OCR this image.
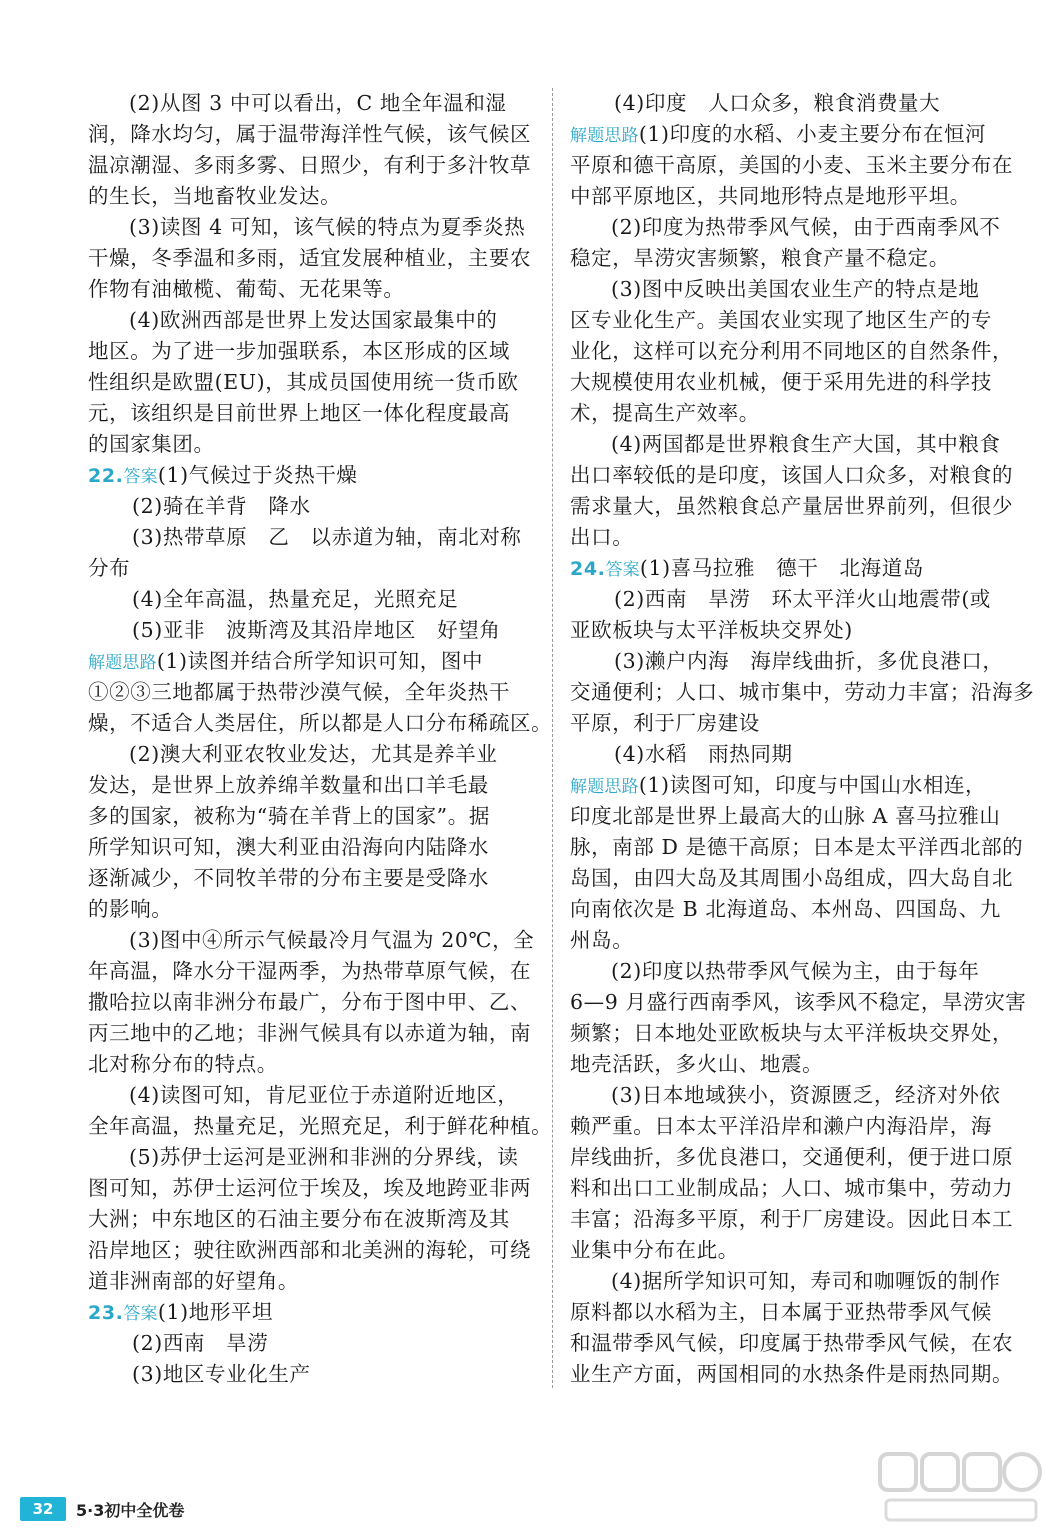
(2)从图 3 中可以看出，C 地全年温和湿
润，降水均匀，属于温带海洋性气候，该气候区
温凉潮湿、多雨多雾、日照少，有利于多汁牧草
的生长，当地畜牧业发达。
(3)读图 4 可知，该气候的特点为夏季炎热
干燥，冬季温和多雨，适宜发展种植业，主要农
作物有油橄榄、葡萄、无花果等。
(4)欧洲西部是世界上发达国家最集中的
地区。为了进一步加强联系，本区形成的区域
性组织是欧盟(EU)，其成员国使用统一货币欧
元，该组织是目前世界上地区一体化程度最高
的国家集团。
22.答案(1)气候过于炎热干燥
(2)骑在羊背　降水
(3)热带草原　乙　以赤道为轴，南北对称
分布
(4)全年高温，热量充足，光照充足
(5)亚非　波斯湾及其沿岸地区　好望角
解题思路(1)读图并结合所学知识可知，图中
①②③三地都属于热带沙漠气候，全年炎热干
燥，不适合人类居住，所以都是人口分布稀疏区。
(2)澳大利亚农牧业发达，尤其是养羊业
发达，是世界上放养绵羊数量和出口羊毛最
多的国家，被称为“骑在羊背上的国家”。据
所学知识可知，澳大利亚由沿海向内陆降水
逐渐减少，不同牧羊带的分布主要是受降水
的影响。
(3)图中④所示气候最冷月气温为 20℃，全
年高温，降水分干湿两季，为热带草原气候，在
撒哈拉以南非洲分布最广，分布于图中甲、乙、
丙三地中的乙地；非洲气候具有以赤道为轴，南
北对称分布的特点。
(4)读图可知，肯尼亚位于赤道附近地区，
全年高温，热量充足，光照充足，利于鲜花种植。
(5)苏伊士运河是亚洲和非洲的分界线，读
图可知，苏伊士运河位于埃及，埃及地跨亚非两
大洲；中东地区的石油主要分布在波斯湾及其
沿岸地区；驶往欧洲西部和北美洲的海轮，可绕
道非洲南部的好望角。
23.答案(1)地形平坦
(2)西南　旱涝
(3)地区专业化生产
(4)印度　人口众多，粮食消费量大
解题思路(1)印度的水稻、小麦主要分布在恒河
平原和德干高原，美国的小麦、玉米主要分布在
中部平原地区，共同地形特点是地形平坦。
(2)印度为热带季风气候，由于西南季风不
稳定，旱涝灾害频繁，粮食产量不稳定。
(3)图中反映出美国农业生产的特点是地
区专业化生产。美国农业实现了地区生产的专
业化，这样可以充分利用不同地区的自然条件，
大规模使用农业机械，便于采用先进的科学技
术，提高生产效率。
(4)两国都是世界粮食生产大国，其中粮食
出口率较低的是印度，该国人口众多，对粮食的
需求量大，虽然粮食总产量居世界前列，但很少
出口。
24.答案(1)喜马拉雅　德干　北海道岛
(2)西南　旱涝　环太平洋火山地震带(或
亚欧板块与太平洋板块交界处)
(3)濑户内海　海岸线曲折，多优良港口，
交通便利；人口、城市集中，劳动力丰富；沿海多
平原，利于厂房建设
(4)水稻　雨热同期
解题思路(1)读图可知，印度与中国山水相连，
印度北部是世界上最高大的山脉 A 喜马拉雅山
脉，南部 D 是德干高原；日本是太平洋西北部的
岛国，由四大岛及其周围小岛组成，四大岛自北
向南依次是 B 北海道岛、本州岛、四国岛、九
州岛。
(2)印度以热带季风气候为主，由于每年
6—9 月盛行西南季风，该季风不稳定，旱涝灾害
频繁；日本地处亚欧板块与太平洋板块交界处，
地壳活跃，多火山、地震。
(3)日本地域狭小，资源匮乏，经济对外依
赖严重。日本太平洋沿岸和濑户内海沿岸，海
岸线曲折，多优良港口，交通便利，便于进口原
料和出口工业制成品；人口、城市集中，劳动力
丰富；沿海多平原，利于厂房建设。因此日本工
业集中分布在此。
(4)据所学知识可知，寿司和咖喱饭的制作
原料都以水稻为主，日本属于亚热带季风气候
和温带季风气候，印度属于热带季风气候，在农
业生产方面，两国相同的水热条件是雨热同期。
32	5·3初中全优卷
